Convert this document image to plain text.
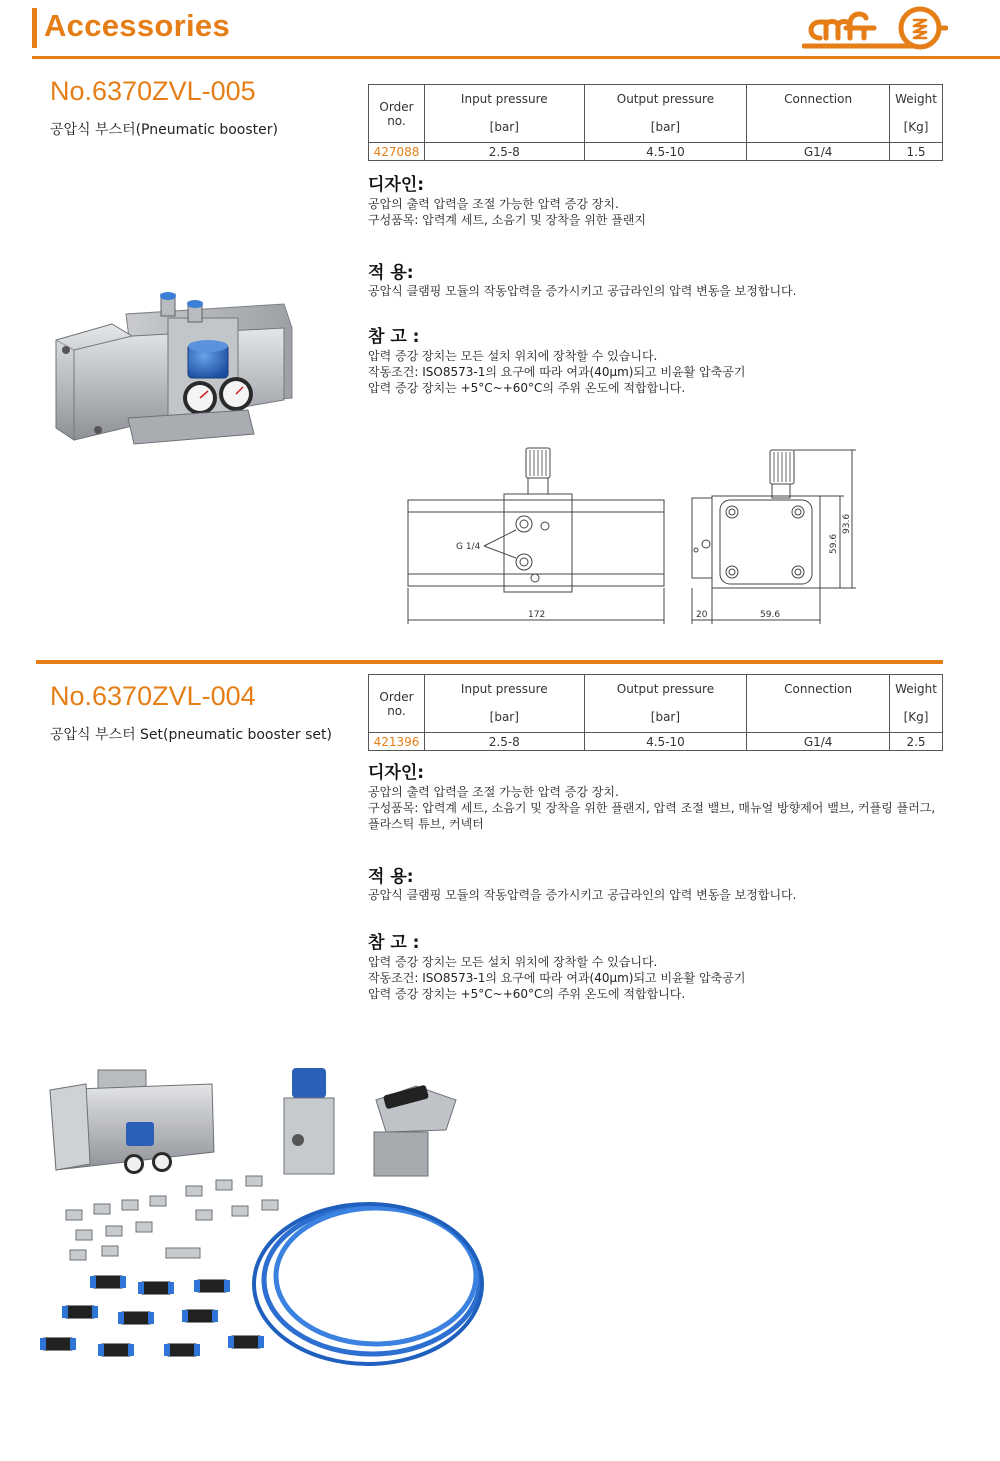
Accessories
No.6370ZVL-005
공압식 부스터(Pneumatic booster)
Order no.	Input pressure	Output pressure	Connection	Weight
	[bar]	[bar]		[Kg]
427088	2.5-8	4.5-10	G1/4	1.5
디자인:
공압의 출력 압력을 조절 가능한 압력 증강 장치.
구성품목: 압력계 세트, 소음기 및 장착을 위한 플랜지
적 용:
공압식 클램핑 모듈의 작동압력을 증가시키고 공급라인의 압력 변동을 보정합니다.
참 고 :
압력 증강 장치는 모든 설치 위치에 장착할 수 있습니다.
작동조건: ISO8573-1의 요구에 따라 여과(40μm)되고 비윤활 압축공기
압력 증강 장치는 +5°C~+60°C의 주위 온도에 적합합니다.
G 1/4
172	20	59.6
59.6
93.6
No.6370ZVL-004
공압식 부스터 Set(pneumatic booster set)
Order no.	Input pressure	Output pressure	Connection	Weight
	[bar]	[bar]		[Kg]
421396	2.5-8	4.5-10	G1/4	2.5
디자인:
공압의 출력 압력을 조절 가능한 압력 증강 장치.
구성품목: 압력계 세트, 소음기 및 장착을 위한 플랜지, 압력 조절 밸브, 매뉴얼 방향제어 밸브, 커플링 플러그,
플라스틱 튜브, 커넥터
적 용:
공압식 클램핑 모듈의 작동압력을 증가시키고 공급라인의 압력 변동을 보정합니다.
참 고 :
압력 증강 장치는 모든 설치 위치에 장착할 수 있습니다.
작동조건: ISO8573-1의 요구에 따라 여과(40μm)되고 비윤활 압축공기
압력 증강 장치는 +5°C~+60°C의 주위 온도에 적합합니다.
